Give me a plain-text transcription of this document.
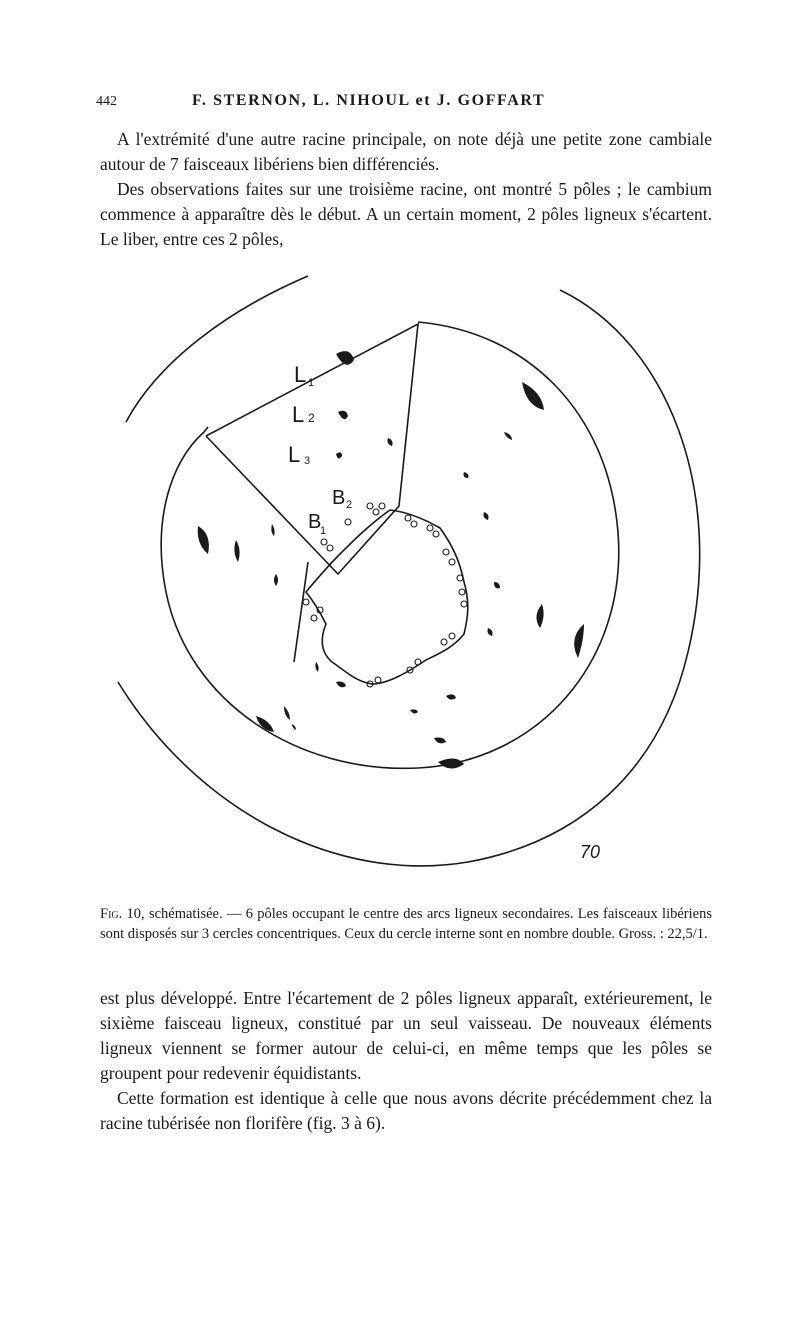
442	F. STERNON, L. NIHOUL et J. GOFFART

A l'extrémité d'une autre racine principale, on note déjà une petite zone cambiale autour de 7 faisceaux libériens bien différenciés.

Des observations faites sur une troisième racine, ont montré 5 pôles ; le cambium commence à apparaître dès le début. A un certain moment, 2 pôles ligneux s'écartent. Le liber, entre ces 2 pôles,

L 1
L 2
L 3
B 2
B
1
70
Fig. 10, schématisée. — 6 pôles occupant le centre des arcs ligneux secondaires. Les faisceaux libériens sont disposés sur 3 cercles concentriques. Ceux du cercle interne sont en nombre double. Gross. : 22,5/1.

est plus développé. Entre l'écartement de 2 pôles ligneux apparaît, extérieurement, le sixième faisceau ligneux, constitué par un seul vaisseau. De nouveaux éléments ligneux viennent se former autour de celui-ci, en même temps que les pôles se groupent pour redevenir équidistants.

Cette formation est identique à celle que nous avons décrite précédemment chez la racine tubérisée non florifère (fig. 3 à 6).
